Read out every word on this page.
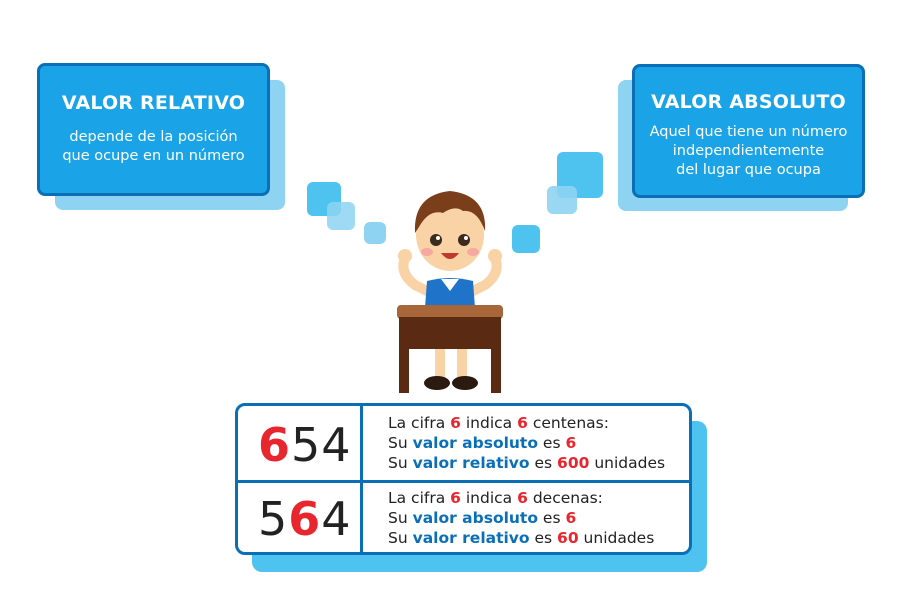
VALOR RELATIVO
depende de la posición
que ocupe en un número
VALOR ABSOLUTO
Aquel que tiene un número
independientemente
del lugar que ocupa
654 La cifra 6 indica 6 centenas:
Su valor absoluto es 6
Su valor relativo es 600 unidades
564 La cifra 6 indica 6 decenas:
Su valor absoluto es 6
Su valor relativo es 60 unidades
